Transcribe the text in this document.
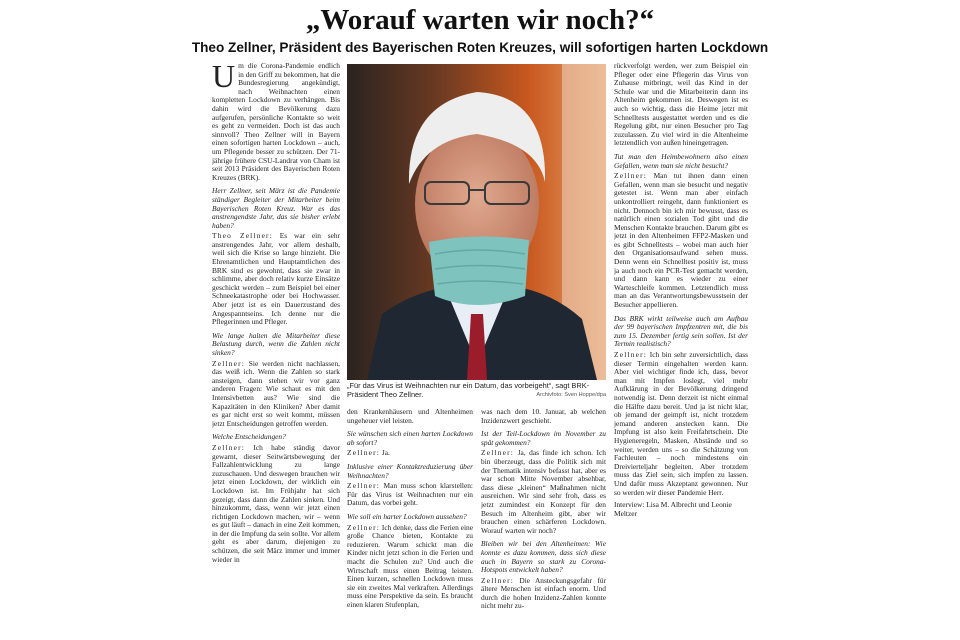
„Worauf warten wir noch?“
Theo Zellner, Präsident des Bayerischen Roten Kreuzes, will sofortigen harten Lockdown

U m die Corona-Pandemie endlich in den Griff zu bekommen, hat die Bundesregierung angekündigt, nach Weihnachten einen kompletten Lockdown zu verhängen. Bis dahin wird die Bevölkerung dazu aufgerufen, persönliche Kontakte so weit es geht zu vermeiden. Doch ist das auch sinnvoll? Theo Zellner will in Bayern einen sofortigen harten Lockdown – auch, um Pflegende besser zu schützen. Der 71-jährige frühere CSU-Landrat von Cham ist seit 2013 Präsident des Bayerischen Roten Kreuzes (BRK).

Herr Zellner, seit März ist die Pandemie ständiger Begleiter der Mitarbeiter beim Bayerischen Roten Kreuz. War es das anstrengendste Jahr, das sie bisher erlebt haben?

Theo Zellner: Es war ein sehr anstrengendes Jahr, vor allem deshalb, weil sich die Krise so lange hinzieht. Die Ehrenamtlichen und Hauptamtlichen des BRK sind es gewohnt, dass sie zwar in schlimme, aber doch relativ kurze Einsätze geschickt werden – zum Beispiel bei einer Schneekatastrophe oder bei Hochwasser. Aber jetzt ist es ein Dauerzustand des Angespanntseins. Ich denne nur die Pflegerinnen und Pfleger.

Wie lange halten die Mitarbeiter diese Belastung durch, wenn die Zahlen nicht sinken?

Zellner: Sie werden nicht nachlassen, das weiß ich. Wenn die Zahlen so stark ansteigen, dann stehen wir vor ganz anderen Fragen: Wie schaut es mit den Intensivbetten aus? Wie sind die Kapazitäten in den Kliniken? Aber damit es gar nicht erst so weit kommt, müssen jetzt Entscheidungen getroffen werden.

Welche Entscheidungen?

Zellner: Ich habe ständig davor gewarnt, dieser Seitwärtsbewegung der Fallzahlentwicklung zu lange zuzuschauen. Und deswegen brauchen wir jetzt einen Lockdown, der wirklich ein Lockdown ist. Im Frühjahr hat sich gezeigt, dass dann die Zahlen sinken. Und hinzukommt, dass, wenn wir jetzt einen richtigen Lockdown machen, wir – wenn es gut läuft – danach in eine Zeit kommen, in der die Impfung da sein sollte. Vor allem geht es aber darum, diejenigen zu schützen, die seit März immer und immer wieder in

„Für das Virus ist Weihnachten nur ein Datum, das vorbeigeht“, sagt BRK-Präsident Theo Zellner.	Archivfoto: Sven Hoppe/dpa

den Krankenhäusern und Altenheimen ungeheuer viel leisten.

Sie wünschen sich einen harten Lockdown ab sofort?

Zellner: Ja.

Inklusive einer Kontaktreduzierung über Weihnachten?

Zellner: Man muss schon klarstellen: Für das Virus ist Weihnachten nur ein Datum, das vorbei geht.

Wie soll ein harter Lockdown aussehen?

Zellner: Ich denke, dass die Ferien eine große Chance bieten, Kontakte zu reduzieren. Warum schickt man die Kinder nicht jetzt schon in die Ferien und macht die Schulen zu? Und auch die Wirtschaft muss einen Beitrag leisten. Einen kurzen, schnellen Lockdown muss sie ein zweites Mal verkraften. Allerdings muss eine Perspektive da sein. Es braucht einen klaren Stufenplan,

was nach dem 10. Januar, ab welchen Inzidenzwert geschieht.

Ist der Teil-Lockdown im November zu spät gekommen?

Zellner: Ja, das finde ich schon. Ich bin überzeugt, dass die Politik sich mit der Thematik intensiv befasst hat, aber es war schon Mitte November absehbar, dass diese „kleinen“ Maßnahmen nicht ausreichen. Wir sind sehr froh, dass es jetzt zumindest ein Konzept für den Besuch im Altenheim gibt, aber wir brauchen einen schärferen Lockdown. Worauf warten wir noch?

Bleiben wir bei den Altenheimen: Wie konnte es dazu kommen, dass sich diese auch in Bayern so stark zu Corona-Hotspots entwickelt haben?

Zellner: Die Ansteckungsgefahr für ältere Menschen ist einfach enorm. Und durch die hohen Inzidenz-Zahlen konnte nicht mehr zu-

rückverfolgt werden, wer zum Beispiel ein Pfleger oder eine Pflegerin das Virus von Zuhause mitbringt, weil das Kind in der Schule war und die Mitarbeiterin dann ins Altenheim gekommen ist. Deswegen ist es auch so wichtig, dass die Heime jetzt mit Schnelltests ausgestattet werden und es die Regelung gibt, nur einen Besucher pro Tag zuzulassen. Zu viel wird in die Altenheime letztendlich von außen hineingetragen.

Tut man den Heimbewohnern also einen Gefallen, wenn man sie nicht besucht?

Zellner: Man tut ihnen dann einen Gefallen, wenn man sie besucht und negativ getestet ist. Wenn man aber einfach unkontrolliert reingeht, dann funktioniert es nicht. Dennoch bin ich mir bewusst, dass es natürlich einen sozialen Tod gibt und die Menschen Kontakte brauchen. Darum gibt es jetzt in den Altenheimen FFP2-Masken und es gibt Schnelltests – wobei man auch hier den Organisationsaufwand sehen muss. Denn wenn ein Schnelltest positiv ist, muss ja auch noch ein PCR-Test gemacht werden, und dann kann es wieder zu einer Warteschleife kommen. Letztendlich muss man an das Verantwortungsbewusstsein der Besucher appellieren.

Das BRK wirkt teilweise auch am Aufbau der 99 bayerischen Impfzentren mit, die bis zum 15. Dezember fertig sein sollen. Ist der Termin realistisch?

Zellner: Ich bin sehr zuversichtlich, dass dieser Termin eingehalten werden kann. Aber viel wichtiger finde ich, dass, bevor man mit Impfen loslegt, viel mehr Aufklärung in der Bevölkerung dringend notwendig ist. Denn derzeit ist nicht einmal die Hälfte dazu bereit. Und ja ist nicht klar, ob jemand der geimpft ist, nicht trotzdem jemand anderen anstecken kann. Die Impfung ist also kein Freifahrtschein. Die Hygieneregeln, Masken, Abstände und so weiter, werden uns – so die Schätzung von Fachleuten – noch mindestens ein Dreivierteljahr begleiten. Aber trotzdem muss das Ziel sein, sich impfen zu lassen. Und dafür muss Akzeptanz gewonnen. Nur so werden wir dieser Pandemie Herr.

Interview: Lisa M. Albrecht und Leonie Meltzer
